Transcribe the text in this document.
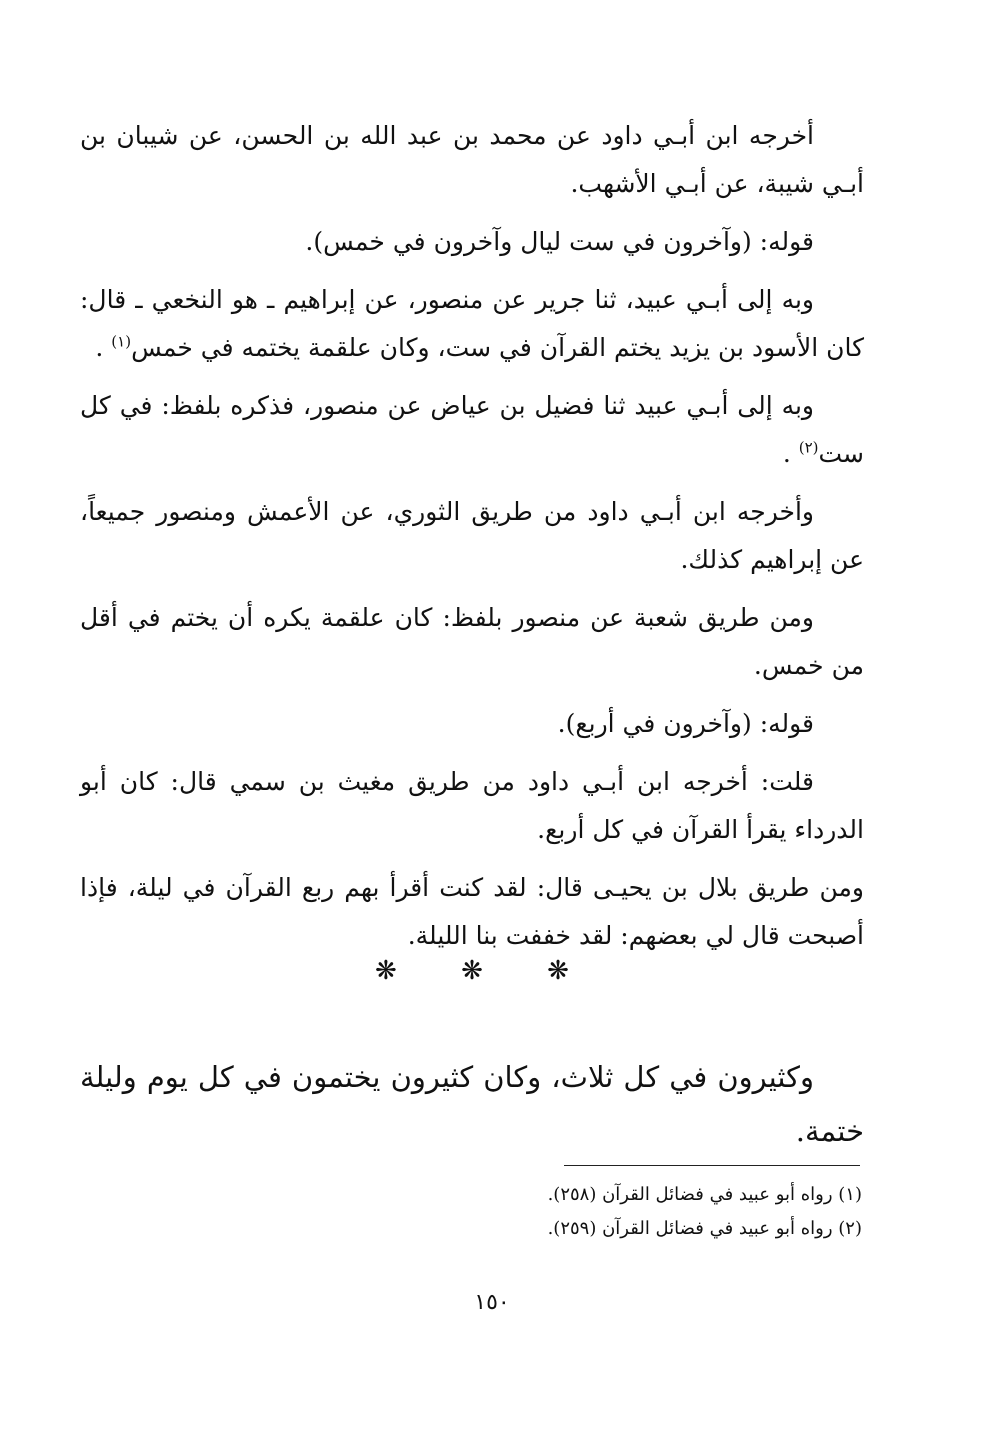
أخرجه ابن أبـي داود عن محمد بن عبد الله بن الحسن، عن شيبان بن أبـي شيبة، عن أبـي الأشهب.

قوله: (وآخرون في ست ليال وآخرون في خمس).

وبه إلى أبـي عبيد، ثنا جرير عن منصور، عن إبراهيم ـ هو النخعي ـ قال: كان الأسود بن يزيد يختم القرآن في ست، وكان علقمة يختمه في خمس$^{(١)}$ .

وبه إلى أبـي عبيد ثنا فضيل بن عياض عن منصور، فذكره بلفظ: في كل ست$^{(٢)}$ .

وأخرجه ابن أبـي داود من طريق الثوري، عن الأعمش ومنصور جميعاً، عن إبراهيم كذلك.

ومن طريق شعبة عن منصور بلفظ: كان علقمة يكره أن يختم في أقل من خمس.

قوله: (وآخرون في أربع).

قلت: أخرجه ابن أبـي داود من طريق مغيث بن سمي قال: كان أبو الدرداء يقرأ القرآن في كل أربع.

ومن طريق بلال بن يحيـى قال: لقد كنت أقرأ بهم ربع القرآن في ليلة، فإذا أصبحت قال لي بعضهم: لقد خففت بنا الليلة.

❋ ❋ ❋

وكثيرون في كل ثلاث، وكان كثيرون يختمون في كل يوم وليلة ختمة.

(١) رواه أبو عبيد في فضائل القرآن (٢٥٨).
(٢) رواه أبو عبيد في فضائل القرآن (٢٥٩).
١٥٠
